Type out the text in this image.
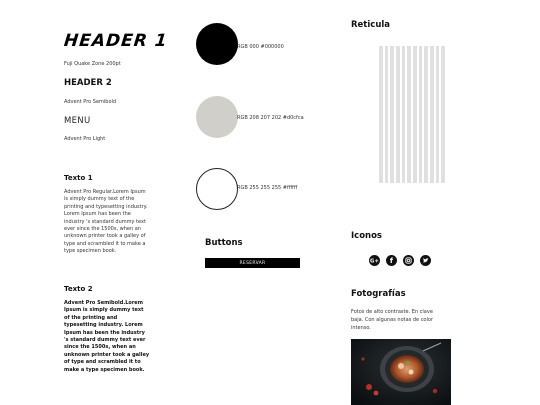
HEADER 1
Fuji Quake Zone 200pt
HEADER 2
Advent Pro Semibold
MENU
Advent Pro Light
Texto 1
Advent Pro Regular.Lorem Ipsum is simply dummy text of the printing and typesetting industry. Lorem Ipsum has been the industry 's standard dummy text ever since the 1500s, when an unknown printer took a galley of type and scrambled it to make a type specimen book.
Texto 2
Advent Pro Semibold.Lorem Ipsum is simply dummy text of the printing and typesetting industry. Lorem Ipsum has been the industry 's standard dummy text ever since the 1500s, when an unknown printer took a galley of type and scrambled it to make a type specimen book.
RGB 000 #000000
RGB 208 207 202 #d0cfca
RGB 255 255 255 #ffffff
Buttons
RESERVAR
Reticula
Iconos
G+ f
Fotografías
Fotos de alto contraste. En clave baja. Con algunas notas de color intenso.
